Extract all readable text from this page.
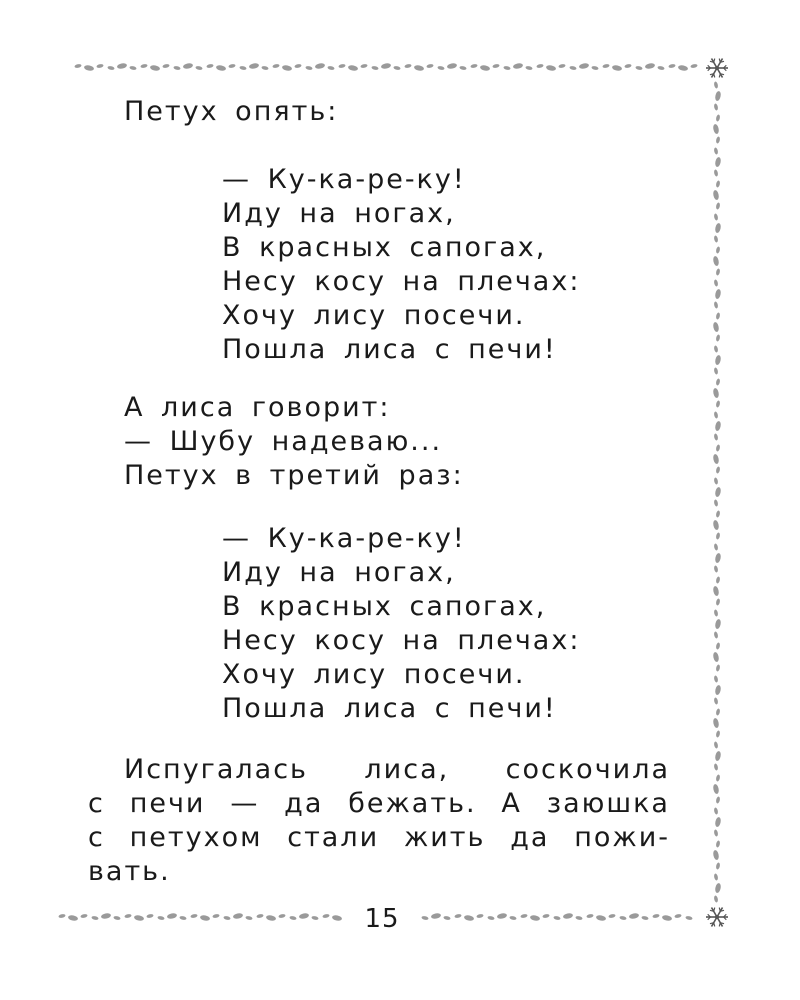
Петух опять:
— Ку-ка-ре-ку!
Иду на ногах,
В красных сапогах,
Несу косу на плечах:
Хочу лису посечи.
Пошла лиса с печи!
А лиса говорит:
— Шубу надеваю...
Петух в третий раз:
— Ку-ка-ре-ку!
Иду на ногах,
В красных сапогах,
Несу косу на плечах:
Хочу лису посечи.
Пошла лиса с печи!
Испугалась лиса, соскочила
с печи — да бежать. А заюшка
с петухом стали жить да пожи-
вать.
15
